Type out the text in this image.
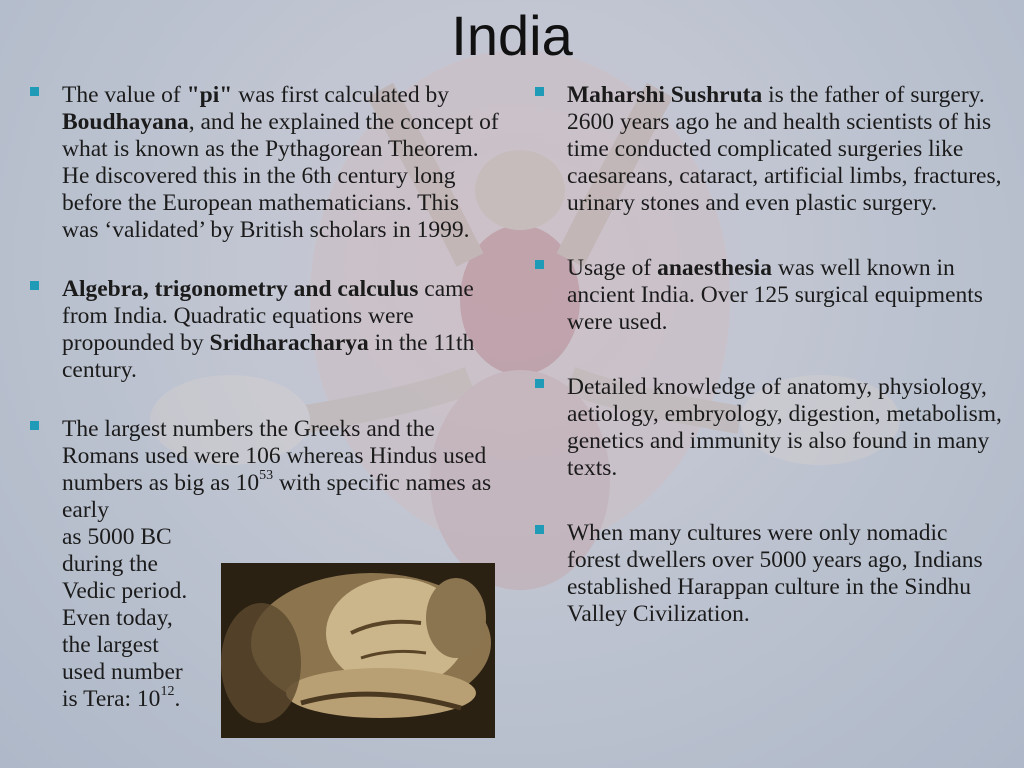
India

The value of "pi" was first calculated by Boudhayana, and he explained the concept of what is known as the Pythagorean Theorem. He discovered this in the 6th century long before the European mathematicians. This was ‘validated’ by British scholars in 1999.

Algebra, trigonometry and calculus came from India. Quadratic equations were propounded by Sridharacharya in the 11th century.

The largest numbers the Greeks and the Romans used were 106 whereas Hindus used numbers as big as $10^{53}$ with specific names as early

as 5000 BC
during the
Vedic period.
Even today,
the largest
used number
is Tera: $10^{12}$.

Maharshi Sushruta is the father of surgery. 2600 years ago he and health scientists of his time conducted complicated surgeries like caesareans, cataract, artificial limbs, fractures, urinary stones and even plastic surgery.

Usage of anaesthesia was well known in ancient India. Over 125 surgical equipments were used.

Detailed knowledge of anatomy, physiology, aetiology, embryology, digestion, metabolism, genetics and immunity is also found in many texts.

When many cultures were only nomadic forest dwellers over 5000 years ago, Indians established Harappan culture in the Sindhu Valley Civilization.
